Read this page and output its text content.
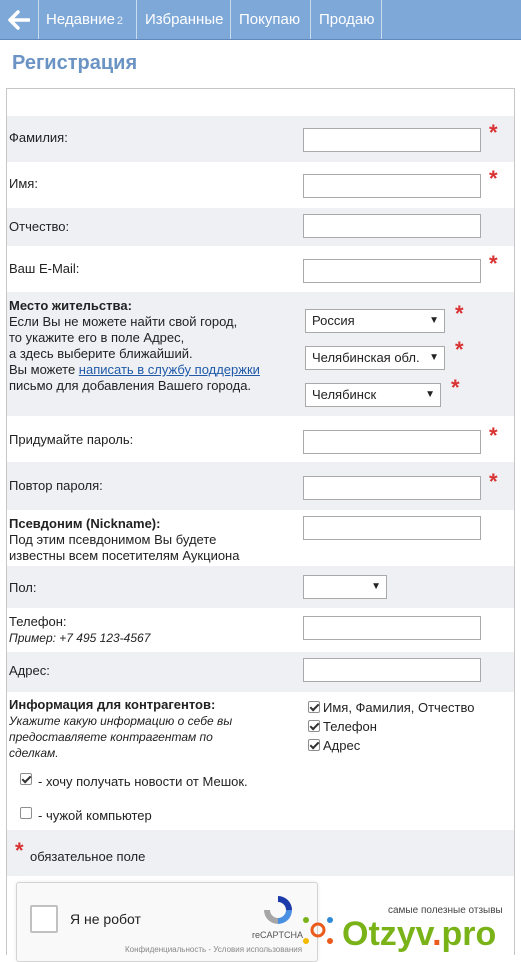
Недавние 2	Избранные	Покупаю	Продаю
Регистрация
Фамилия:	*
Имя:	*
Отчество:
Ваш E-Mail:	*
Место жительства:
Если Вы не можете найти свой город,
то укажите его в поле Адрес,
а здесь выберите ближайший.
Вы можете написать в службу поддержки
письмо для добавления Вашего города.
Россия	▼ *
Челябинская обл. ▼ *
Челябинск	▼ *
Придумайте пароль:	*
Повтор пароля:	*
Псевдоним (Nickname):
Под этим псевдонимом Вы будете
известны всем посетителям Аукциона
Пол:	▼
Телефон:
Пример: +7 495 123-4567
Адрес:
Информация для контрагентов:
Укажите какую информацию о себе вы
предоставляете контрагентам по
сделкам.
Имя, Фамилия, Отчество
Телефон
Адрес
- хочу получать новости от Мешок.
- чужой компьютер
* обязательное поле
Я не робот
reCAPTCHA
Конфиденциальность - Условия использования
самые полезные отзывы
Otzyv.pro
